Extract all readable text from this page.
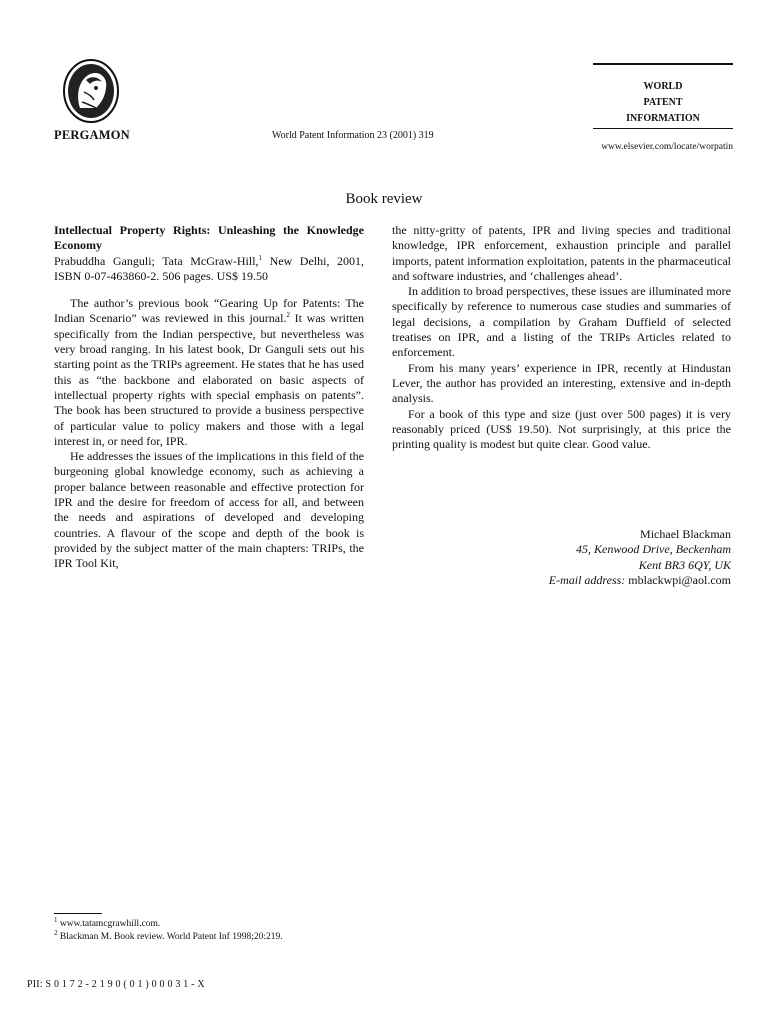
PERGAMON	World Patent Information 23 (2001) 319
WORLD
PATENT
INFORMATION
www.elsevier.com/locate/worpatin
Book review

Intellectual Property Rights: Unleashing the Knowledge Economy

Prabuddha Ganguli; Tata McGraw-Hill,$^1$ New Delhi, 2001, ISBN 0-07-463860-2. 506 pages. US$ 19.50

The author’s previous book “Gearing Up for Patents: The Indian Scenario” was reviewed in this journal.$^2$ It was written specifically from the Indian perspective, but nevertheless was very broad ranging. In his latest book, Dr Ganguli sets out his starting point as the TRIPs agreement. He states that he has used this as “the backbone and elaborated on basic aspects of intellectual property rights with special emphasis on patents”. The book has been structured to provide a business perspective of particular value to policy makers and those with a legal interest in, or need for, IPR.

He addresses the issues of the implications in this field of the burgeoning global knowledge economy, such as achieving a proper balance between reasonable and effective protection for IPR and the desire for freedom of access for all, and between the needs and aspirations of developed and developing countries. A flavour of the scope and depth of the book is provided by the subject matter of the main chapters: TRIPs, the IPR Tool Kit,

the nitty-gritty of patents, IPR and living species and traditional knowledge, IPR enforcement, exhaustion principle and parallel imports, patent information exploitation, patents in the pharmaceutical and software industries, and ‘challenges ahead’.

In addition to broad perspectives, these issues are illuminated more specifically by reference to numerous case studies and summaries of legal decisions, a compilation by Graham Duffield of selected treatises on IPR, and a listing of the TRIPs Articles related to enforcement.

From his many years’ experience in IPR, recently at Hindustan Lever, the author has provided an interesting, extensive and in-depth analysis.

For a book of this type and size (just over 500 pages) it is very reasonably priced (US$ 19.50). Not surprisingly, at this price the printing quality is modest but quite clear. Good value.

Michael Blackman
45, Kenwood Drive, Beckenham
Kent BR3 6QY, UK
E-mail address: mblackwpi@aol.com
$^1$ www.tatamcgrawhill.com.
$^2$ Blackman M. Book review. World Patent Inf 1998;20:219.
PII: S 0 1 7 2 - 2 1 9 0 ( 0 1 ) 0 0 0 3 1 - X
